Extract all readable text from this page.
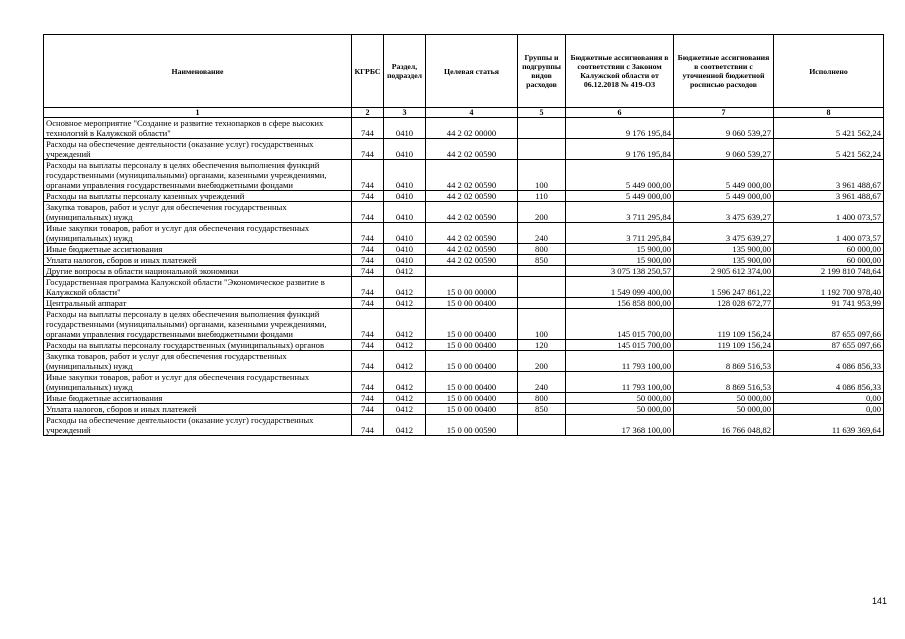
Наименование	КГРБС	Раздел, подраздел	Целевая статья	Группы и подгруппы видов расходов	Бюджетные ассигнования в соответствии с Законом Калужской области от 06.12.2018 № 419-ОЗ	Бюджетные ассигнования в соответствии с уточненной бюджетной росписью расходов	Исполнено
1	2	3	4	5	6	7	8
Основное мероприятие "Создание и развитие технопарков в сфере высоких технологий в Калужской области"	744	0410	44 2 02 00000		9 176 195,84	9 060 539,27	5 421 562,24
Расходы на обеспечение деятельности (оказание услуг) государственных учреждений	744	0410	44 2 02 00590		9 176 195,84	9 060 539,27	5 421 562,24
Расходы на выплаты персоналу в целях обеспечения выполнения функций государственными (муниципальными) органами, казенными учреждениями, органами управления государственными внебюджетными фондами	744	0410	44 2 02 00590	100	5 449 000,00	5 449 000,00	3 961 488,67
Расходы на выплаты персоналу казенных учреждений	744	0410	44 2 02 00590	110	5 449 000,00	5 449 000,00	3 961 488,67
Закупка товаров, работ и услуг для обеспечения государственных (муниципальных) нужд	744	0410	44 2 02 00590	200	3 711 295,84	3 475 639,27	1 400 073,57
Иные закупки товаров, работ и услуг для обеспечения государственных (муниципальных) нужд	744	0410	44 2 02 00590	240	3 711 295,84	3 475 639,27	1 400 073,57
Иные бюджетные ассигнования	744	0410	44 2 02 00590	800	15 900,00	135 900,00	60 000,00
Уплата налогов, сборов и иных платежей	744	0410	44 2 02 00590	850	15 900,00	135 900,00	60 000,00
Другие вопросы в области национальной экономики	744	0412			3 075 138 250,57	2 905 612 374,00	2 199 810 748,64
Государственная программа Калужской области "Экономическое развитие в Калужской области"	744	0412	15 0 00 00000		1 549 099 400,00	1 596 247 861,22	1 192 700 978,40
Центральный аппарат	744	0412	15 0 00 00400		156 858 800,00	128 028 672,77	91 741 953,99
Расходы на выплаты персоналу в целях обеспечения выполнения функций государственными (муниципальными) органами, казенными учреждениями, органами управления государственными внебюджетными фондами	744	0412	15 0 00 00400	100	145 015 700,00	119 109 156,24	87 655 097,66
Расходы на выплаты персоналу государственных (муниципальных) органов	744	0412	15 0 00 00400	120	145 015 700,00	119 109 156,24	87 655 097,66
Закупка товаров, работ и услуг для обеспечения государственных (муниципальных) нужд	744	0412	15 0 00 00400	200	11 793 100,00	8 869 516,53	4 086 856,33
Иные закупки товаров, работ и услуг для обеспечения государственных (муниципальных) нужд	744	0412	15 0 00 00400	240	11 793 100,00	8 869 516,53	4 086 856,33
Иные бюджетные ассигнования	744	0412	15 0 00 00400	800	50 000,00	50 000,00	0,00
Уплата налогов, сборов и иных платежей	744	0412	15 0 00 00400	850	50 000,00	50 000,00	0,00
Расходы на обеспечение деятельности (оказание услуг) государственных учреждений	744	0412	15 0 00 00590		17 368 100,00	16 766 048,82	11 639 369,64
141
